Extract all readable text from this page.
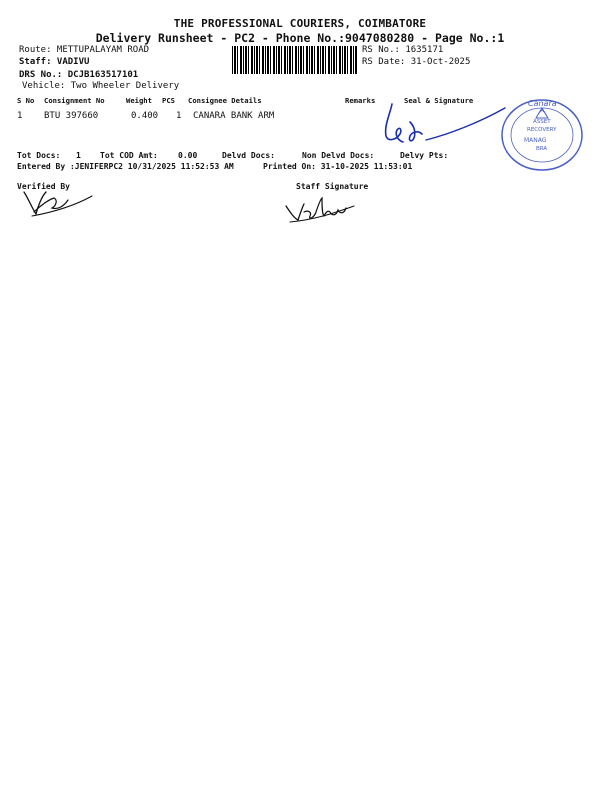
THE PROFESSIONAL COURIERS, COIMBATORE
Delivery Runsheet - PC2 - Phone No.:9047080280 - Page No.:1
Route: METTUPALAYAM ROAD
Staff: VADIVU
DRS No.: DCJB163517101
Vehicle: Two Wheeler Delivery
RS No.: 1635171
RS Date: 31-Oct-2025
S No Consignment No	Weight PCS Consignee Details	Remarks	Seal & Signature
1 BTU 397660	0.400 1 CANARA BANK ARM
Canara
ASSET
RECOVERY
MANAG
BRA
Tot Docs: 1 Tot COD Amt:	0.00	Delvd Docs:	Non Delvd Docs:	Delvy Pts:
Entered By :JENIFERPC2 10/31/2025 11:52:53 AM	Printed On: 31-10-2025 11:53:01
Verified By	Staff Signature
